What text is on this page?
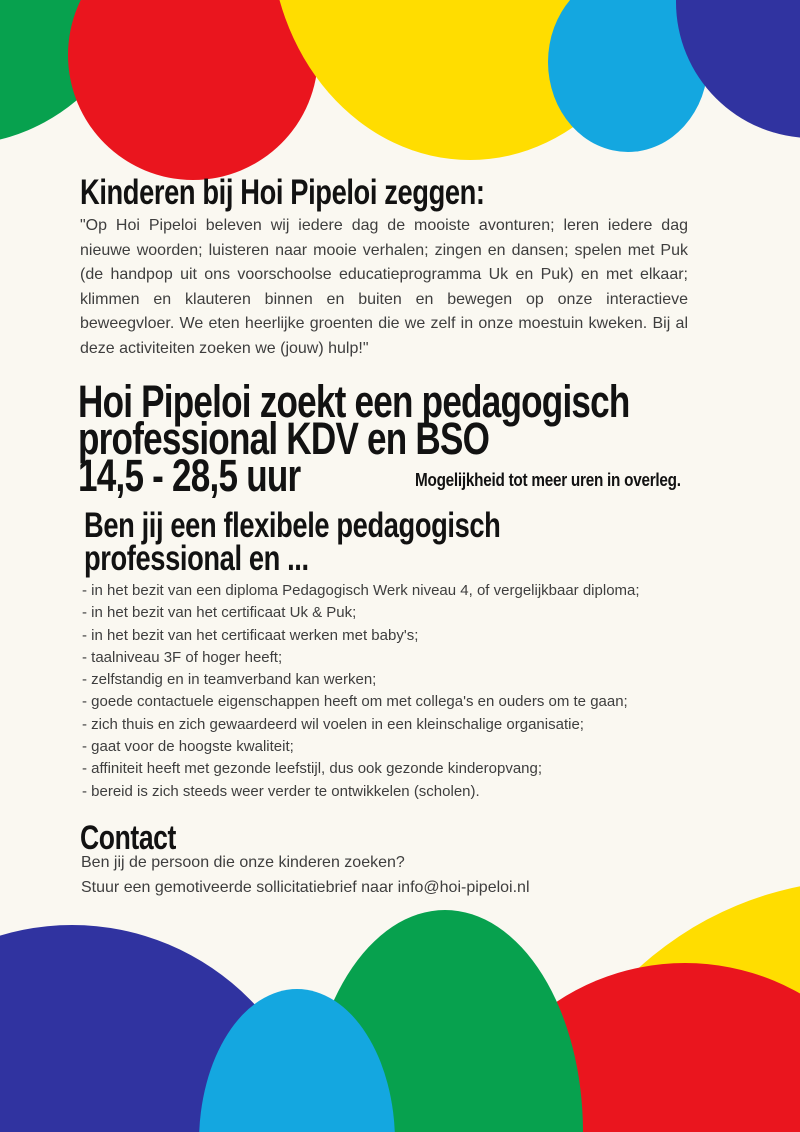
Kinderen bij Hoi Pipeloi zeggen:

"Op Hoi Pipeloi beleven wij iedere dag de mooiste avonturen; leren iedere dag nieuwe woorden; luisteren naar mooie verhalen; zingen en dansen; spelen met Puk (de handpop uit ons voorschoolse educatieprogramma Uk en Puk) en met elkaar; klimmen en klauteren binnen en buiten en bewegen op onze interactieve beweegvloer. We eten heerlijke groenten die we zelf in onze moestuin kweken. Bij al deze activiteiten zoeken we (jouw) hulp!"

Hoi Pipeloi zoekt een pedagogisch
professional KDV en BSO
14,5 - 28,5 uur	Mogelijkheid tot meer uren in overleg.
Ben jij een flexibele pedagogisch
professional en ...
- in het bezit van een diploma Pedagogisch Werk niveau 4, of vergelijkbaar diploma;
- in het bezit van het certificaat Uk & Puk;
- in het bezit van het certificaat werken met baby's;
- taalniveau 3F of hoger heeft;
- zelfstandig en in teamverband kan werken;
- goede contactuele eigenschappen heeft om met collega's en ouders om te gaan;
- zich thuis en zich gewaardeerd wil voelen in een kleinschalige organisatie;
- gaat voor de hoogste kwaliteit;
- affiniteit heeft met gezonde leefstijl, dus ook gezonde kinderopvang;
- bereid is zich steeds weer verder te ontwikkelen (scholen).
Contact
Ben jij de persoon die onze kinderen zoeken?
Stuur een gemotiveerde sollicitatiebrief naar info@hoi-pipeloi.nl
